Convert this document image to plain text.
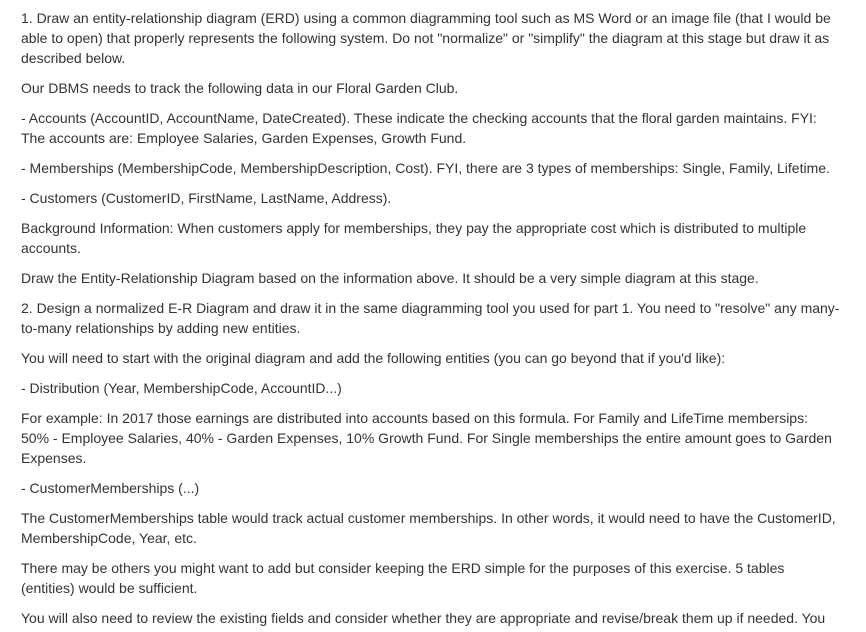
1. Draw an entity-relationship diagram (ERD) using a common diagramming tool such as MS Word or an image file (that I would be
able to open) that properly represents the following system. Do not "normalize" or "simplify" the diagram at this stage but draw it as
described below.

Our DBMS needs to track the following data in our Floral Garden Club.

- Accounts (AccountID, AccountName, DateCreated). These indicate the checking accounts that the floral garden maintains. FYI:
The accounts are: Employee Salaries, Garden Expenses, Growth Fund.

- Memberships (MembershipCode, MembershipDescription, Cost). FYI, there are 3 types of memberships: Single, Family, Lifetime.

- Customers (CustomerID, FirstName, LastName, Address).

Background Information: When customers apply for memberships, they pay the appropriate cost which is distributed to multiple
accounts.

Draw the Entity-Relationship Diagram based on the information above. It should be a very simple diagram at this stage.

2. Design a normalized E-R Diagram and draw it in the same diagramming tool you used for part 1. You need to "resolve" any many-
to-many relationships by adding new entities.

You will need to start with the original diagram and add the following entities (you can go beyond that if you'd like):

- Distribution (Year, MembershipCode, AccountID...)

For example: In 2017 those earnings are distributed into accounts based on this formula. For Family and LifeTime membersips:
50% - Employee Salaries, 40% - Garden Expenses, 10% Growth Fund. For Single memberships the entire amount goes to Garden
Expenses.

- CustomerMemberships (...)

The CustomerMemberships table would track actual customer memberships. In other words, it would need to have the CustomerID,
MembershipCode, Year, etc.

There may be others you might want to add but consider keeping the ERD simple for the purposes of this exercise. 5 tables
(entities) would be sufficient.

You will also need to review the existing fields and consider whether they are appropriate and revise/break them up if needed. You
